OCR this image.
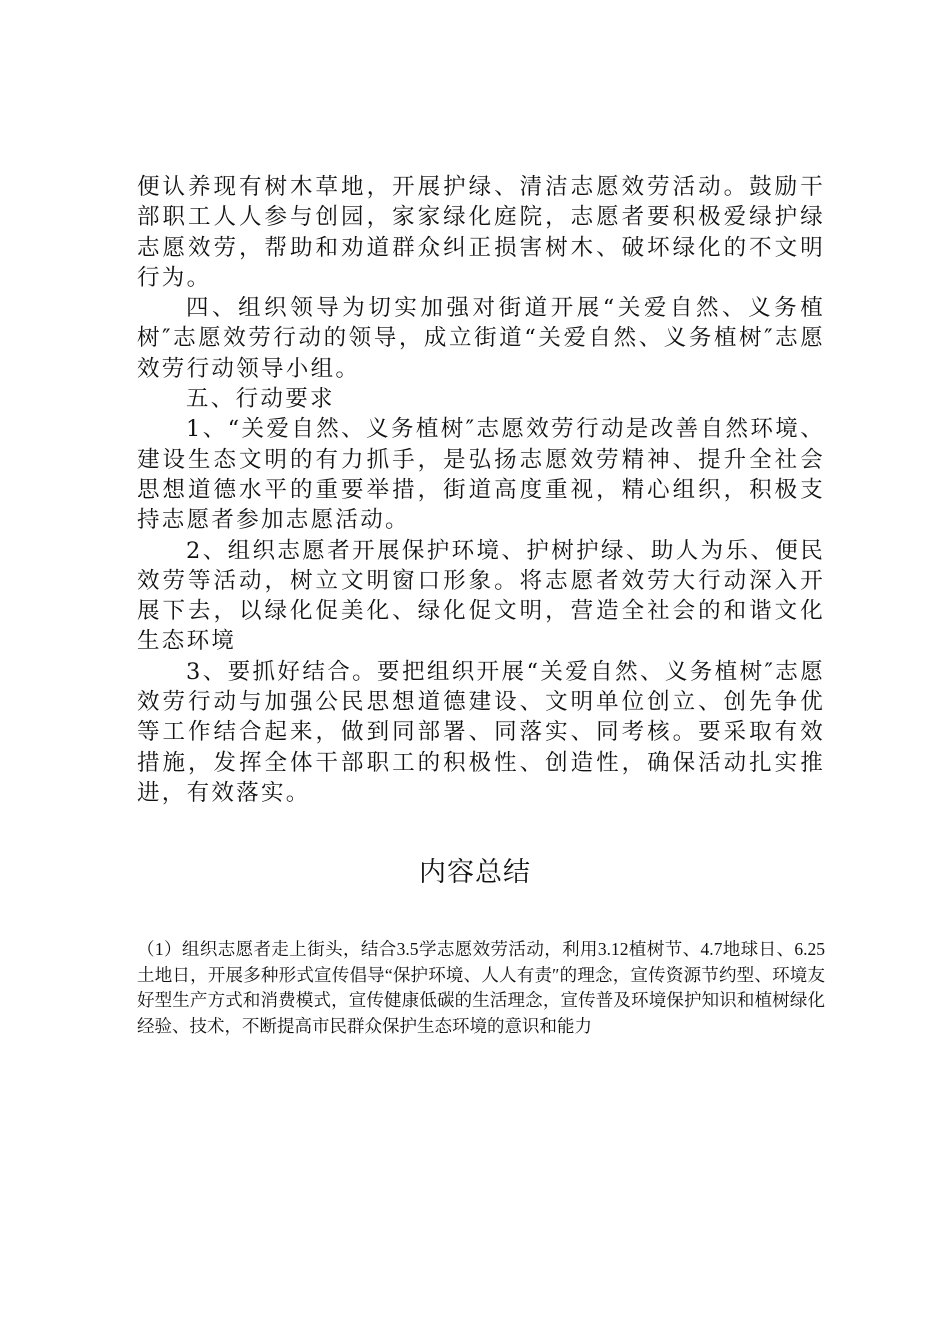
便认养现有树木草地，开展护绿、清洁志愿效劳活动。鼓励干部职工人人参与创园，家家绿化庭院，志愿者要积极爱绿护绿志愿效劳，帮助和劝道群众纠正损害树木、破坏绿化的不文明行为。

四、组织领导为切实加强对街道开展“关爱自然、义务植树″志愿效劳行动的领导，成立街道“关爱自然、义务植树″志愿效劳行动领导小组。

五、行动要求

1、“关爱自然、义务植树″志愿效劳行动是改善自然环境、建设生态文明的有力抓手，是弘扬志愿效劳精神、提升全社会思想道德水平的重要举措，街道高度重视，精心组织，积极支持志愿者参加志愿活动。

2、组织志愿者开展保护环境、护树护绿、助人为乐、便民效劳等活动，树立文明窗口形象。将志愿者效劳大行动深入开展下去，以绿化促美化、绿化促文明，营造全社会的和谐文化生态环境

3、要抓好结合。要把组织开展“关爱自然、义务植树″志愿效劳行动与加强公民思想道德建设、文明单位创立、创先争优等工作结合起来，做到同部署、同落实、同考核。要采取有效措施，发挥全体干部职工的积极性、创造性，确保活动扎实推进，有效落实。

内容总结

（1）组织志愿者走上街头，结合3.5学志愿效劳活动，利用3.12植树节、4.7地球日、6.25土地日，开展多种形式宣传倡导“保护环境、人人有责″的理念，宣传资源节约型、环境友好型生产方式和消费模式，宣传健康低碳的生活理念，宣传普及环境保护知识和植树绿化经验、技术，不断提高市民群众保护生态环境的意识和能力
